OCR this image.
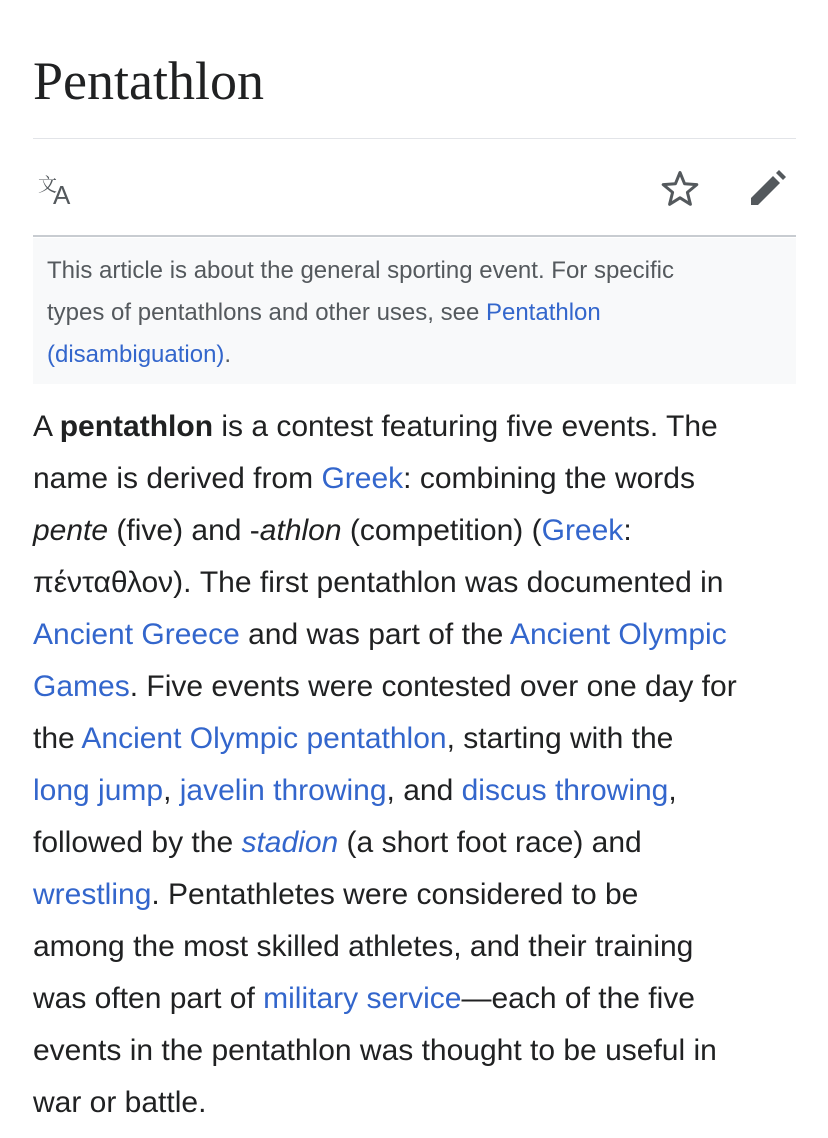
Pentathlon
文
A
This article is about the general sporting event. For specific
types of pentathlons and other uses, see Pentathlon
(disambiguation).
A pentathlon is a contest featuring five events. The
name is derived from Greek: combining the words
pente (five) and -athlon (competition) (Greek:
πένταθλον). The first pentathlon was documented in
Ancient Greece and was part of the Ancient Olympic
Games. Five events were contested over one day for
the Ancient Olympic pentathlon, starting with the
long jump, javelin throwing, and discus throwing,
followed by the stadion (a short foot race) and
wrestling. Pentathletes were considered to be
among the most skilled athletes, and their training
was often part of military service—each of the five
events in the pentathlon was thought to be useful in
war or battle.
